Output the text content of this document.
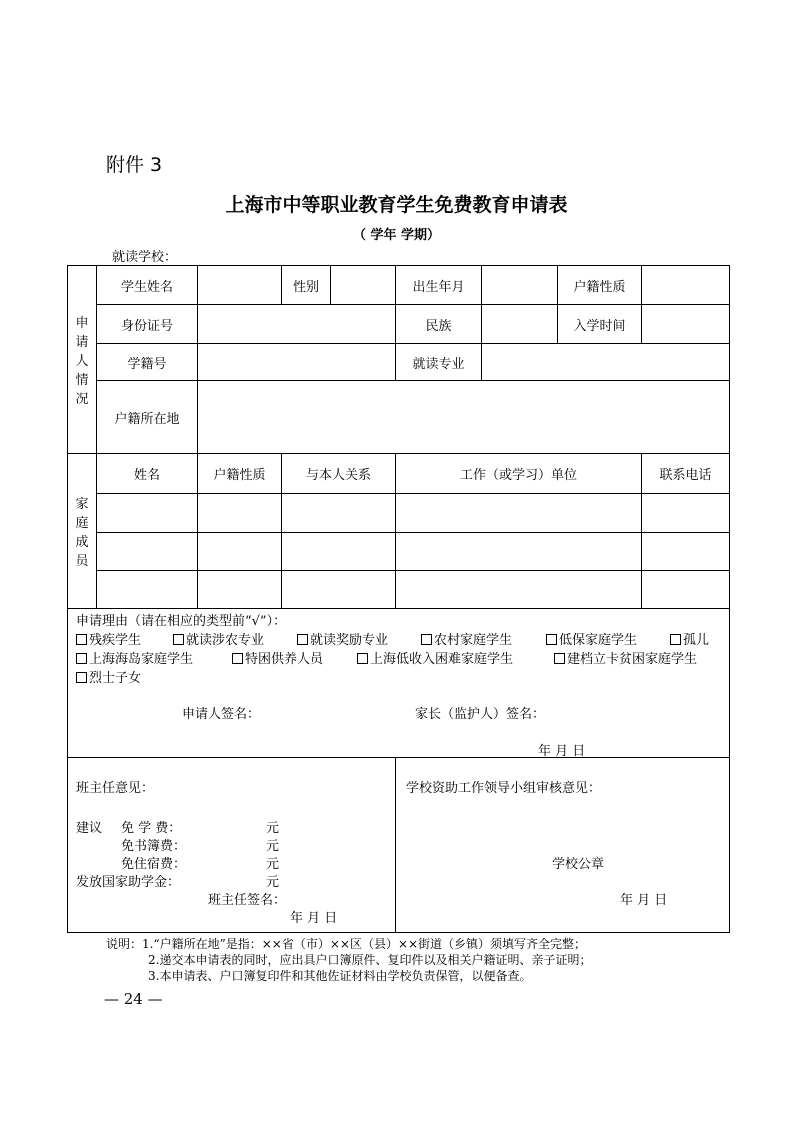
附件 3
上海市中等职业教育学生免费教育申请表
（ 学年 学期）
就读学校：
申请人情况
学生姓名	性别	出生年月	户籍性质
身份证号	民族	入学时间
学籍号	就读专业
户籍所在地
家庭成员
姓名	户籍性质	与本人关系	工作（或学习）单位	联系电话
申请理由（请在相应的类型前“√”）：
残疾学生	就读涉农专业	就读奖励专业	农村家庭学生	低保家庭学生	孤儿
上海海岛家庭学生	特困供养人员	上海低收入困难家庭学生	建档立卡贫困家庭学生
烈士子女
申请人签名：	家长（监护人）签名：
年 月 日
班主任意见：
建议 免 学 费：	元
免书簿费：	元
免住宿费：	元
发放国家助学金：	元
班主任签名：
年 月 日
学校资助工作领导小组审核意见：
学校公章
年 月 日
说明：1.“户籍所在地”是指：××省（市）××区（县）××街道（乡镇）须填写齐全完整；
2.递交本申请表的同时，应出具户口簿原件、复印件以及相关户籍证明、亲子证明；
3.本申请表、户口簿复印件和其他佐证材料由学校负责保管，以便备查。
— 24 —
